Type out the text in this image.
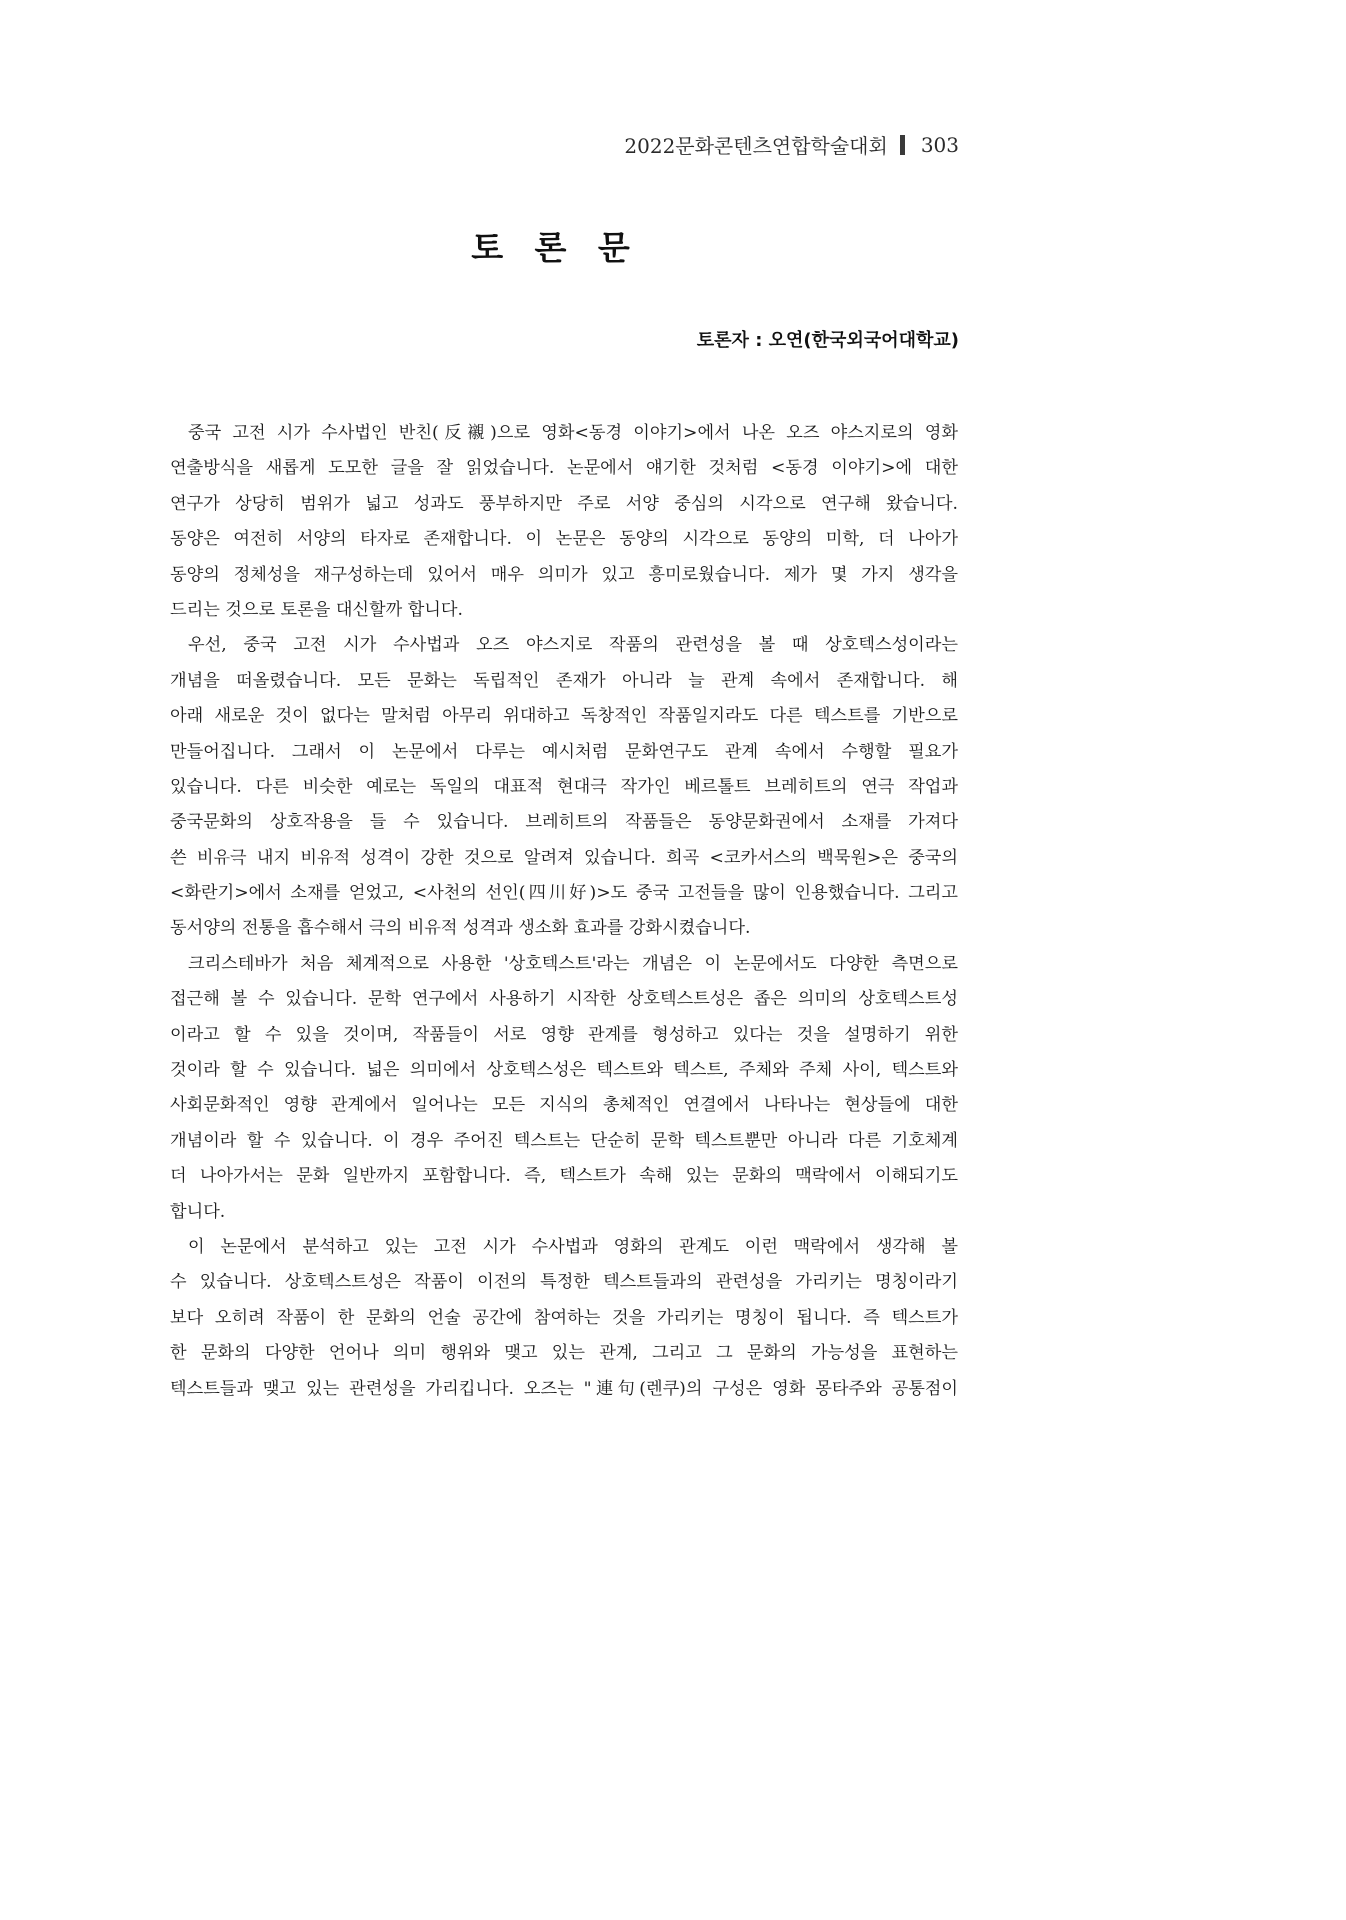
2022문화콘텐츠연합학술대회 303
토 론 문
토론자 : 오연(한국외국어대학교)
중국 고전 시가 수사법인 반친(反襯)으로 영화<동경 이야기>에서 나온 오즈 야스지로의 영화
연출방식을 새롭게 도모한 글을 잘 읽었습니다. 논문에서 얘기한 것처럼 <동경 이야기>에 대한
연구가 상당히 범위가 넓고 성과도 풍부하지만 주로 서양 중심의 시각으로 연구해 왔습니다.
동양은 여전히 서양의 타자로 존재합니다. 이 논문은 동양의 시각으로 동양의 미학, 더 나아가
동양의 정체성을 재구성하는데 있어서 매우 의미가 있고 흥미로웠습니다. 제가 몇 가지 생각을
드리는 것으로 토론을 대신할까 합니다.
우선, 중국 고전 시가 수사법과 오즈 야스지로 작품의 관련성을 볼 때 상호텍스성이라는
개념을 떠올렸습니다. 모든 문화는 독립적인 존재가 아니라 늘 관계 속에서 존재합니다. 해
아래 새로운 것이 없다는 말처럼 아무리 위대하고 독창적인 작품일지라도 다른 텍스트를 기반으로
만들어집니다. 그래서 이 논문에서 다루는 예시처럼 문화연구도 관계 속에서 수행할 필요가
있습니다. 다른 비슷한 예로는 독일의 대표적 현대극 작가인 베르톨트 브레히트의 연극 작업과
중국문화의 상호작용을 들 수 있습니다. 브레히트의 작품들은 동양문화권에서 소재를 가져다
쓴 비유극 내지 비유적 성격이 강한 것으로 알려져 있습니다. 희곡 <코카서스의 백묵원>은 중국의
<화란기>에서 소재를 얻었고, <사천의 선인(四川好)>도 중국 고전들을 많이 인용했습니다. 그리고
동서양의 전통을 흡수해서 극의 비유적 성격과 생소화 효과를 강화시켰습니다.
크리스테바가 처음 체계적으로 사용한 '상호텍스트'라는 개념은 이 논문에서도 다양한 측면으로
접근해 볼 수 있습니다. 문학 연구에서 사용하기 시작한 상호텍스트성은 좁은 의미의 상호텍스트성
이라고 할 수 있을 것이며, 작품들이 서로 영향 관계를 형성하고 있다는 것을 설명하기 위한
것이라 할 수 있습니다. 넓은 의미에서 상호텍스성은 텍스트와 텍스트, 주체와 주체 사이, 텍스트와
사회문화적인 영향 관계에서 일어나는 모든 지식의 총체적인 연결에서 나타나는 현상들에 대한
개념이라 할 수 있습니다. 이 경우 주어진 텍스트는 단순히 문학 텍스트뿐만 아니라 다른 기호체계
더 나아가서는 문화 일반까지 포함합니다. 즉, 텍스트가 속해 있는 문화의 맥락에서 이해되기도
합니다.
이 논문에서 분석하고 있는 고전 시가 수사법과 영화의 관계도 이런 맥락에서 생각해 볼
수 있습니다. 상호텍스트성은 작품이 이전의 특정한 텍스트들과의 관련성을 가리키는 명칭이라기
보다 오히려 작품이 한 문화의 언술 공간에 참여하는 것을 가리키는 명칭이 됩니다. 즉 텍스트가
한 문화의 다양한 언어나 의미 행위와 맺고 있는 관계, 그리고 그 문화의 가능성을 표현하는
텍스트들과 맺고 있는 관련성을 가리킵니다. 오즈는 "連句(렌쿠)의 구성은 영화 몽타주와 공통점이
